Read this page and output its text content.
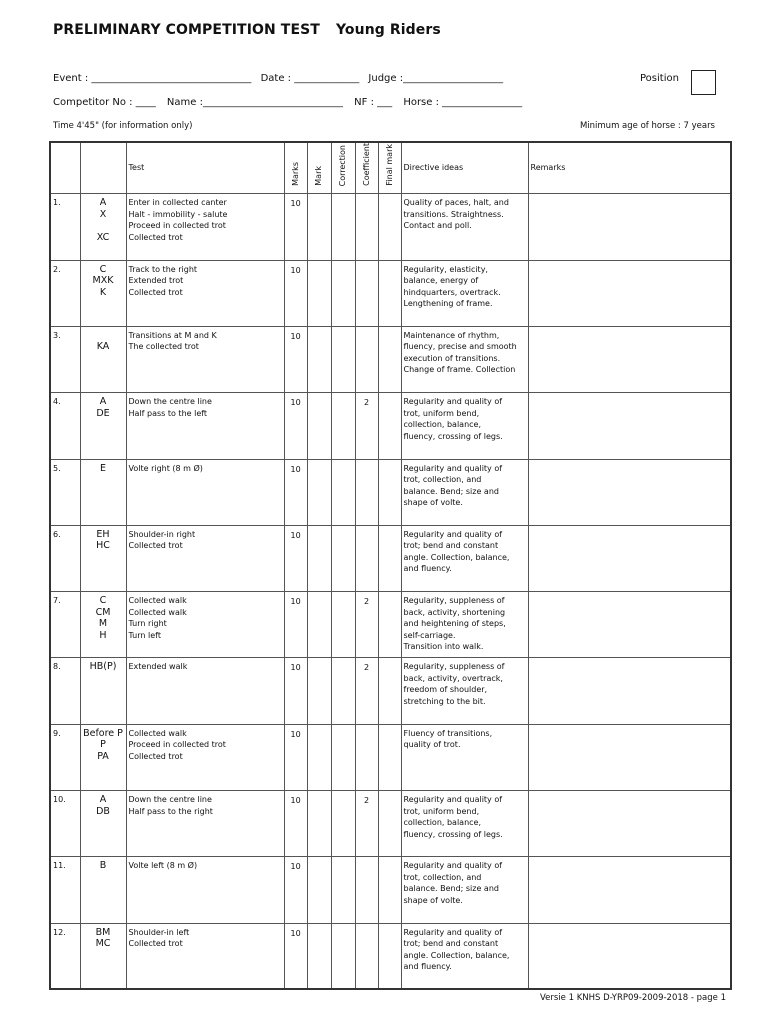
PRELIMINARY COMPETITION TEST Young Riders
Event : ________________________________ Date : _____________ Judge :____________________	Position
Competitor No : ____ Name :____________________________ NF : ___ Horse : ________________
Time 4'45" (for information only)	Minimum age of horse : 7 years
		Test	Marks	Mark	Correction	Coefficient	Final mark	Directive ideas	Remarks
1.	A
X

XC	Enter in collected canter
Halt - immobility - salute
Proceed in collected trot
Collected trot	10					Quality of paces, halt, and
transitions. Straightness.
Contact and poll.	

2.	C
MXK
K	Track to the right
Extended trot
Collected trot	10					Regularity, elasticity,
balance, energy of
hindquarters, overtrack.
Lengthening of frame.	

3.	KA	Transitions at M and K
The collected trot	10					Maintenance of rhythm,
fluency, precise and smooth
execution of transitions.
Change of frame. Collection	

4.	A
DE	Down the centre line
Half pass to the left	10			2		Regularity and quality of
trot, uniform bend,
collection, balance,
fluency, crossing of legs.	

5.	E	Volte right (8 m Ø)	10					Regularity and quality of
trot, collection, and
balance. Bend; size and
shape of volte.	

6.	EH
HC	Shoulder-in right
Collected trot	10					Regularity and quality of
trot; bend and constant
angle. Collection, balance,
and fluency.	

7.	C
CM
M
H	Collected walk
Collected walk
Turn right
Turn left	10			2		Regularity, suppleness of
back, activity, shortening
and heightening of steps,
self-carriage.
Transition into walk.	

8.	HB(P)	Extended walk	10			2		Regularity, suppleness of
back, activity, overtrack,
freedom of shoulder,
stretching to the bit.	

9.	Before P
P
PA	Collected walk
Proceed in collected trot
Collected trot	10					Fluency of transitions,
quality of trot.	

10.	A
DB	Down the centre line
Half pass to the right	10			2		Regularity and quality of
trot, uniform bend,
collection, balance,
fluency, crossing of legs.	

11.	B	Volte left (8 m Ø)	10					Regularity and quality of
trot, collection, and
balance. Bend; size and
shape of volte.	

12.	BM
MC	Shoulder-in left
Collected trot	10					Regularity and quality of
trot; bend and constant
angle. Collection, balance,
and fluency.	

Versie 1 KNHS D-YRP09-2009-2018 - page 1
